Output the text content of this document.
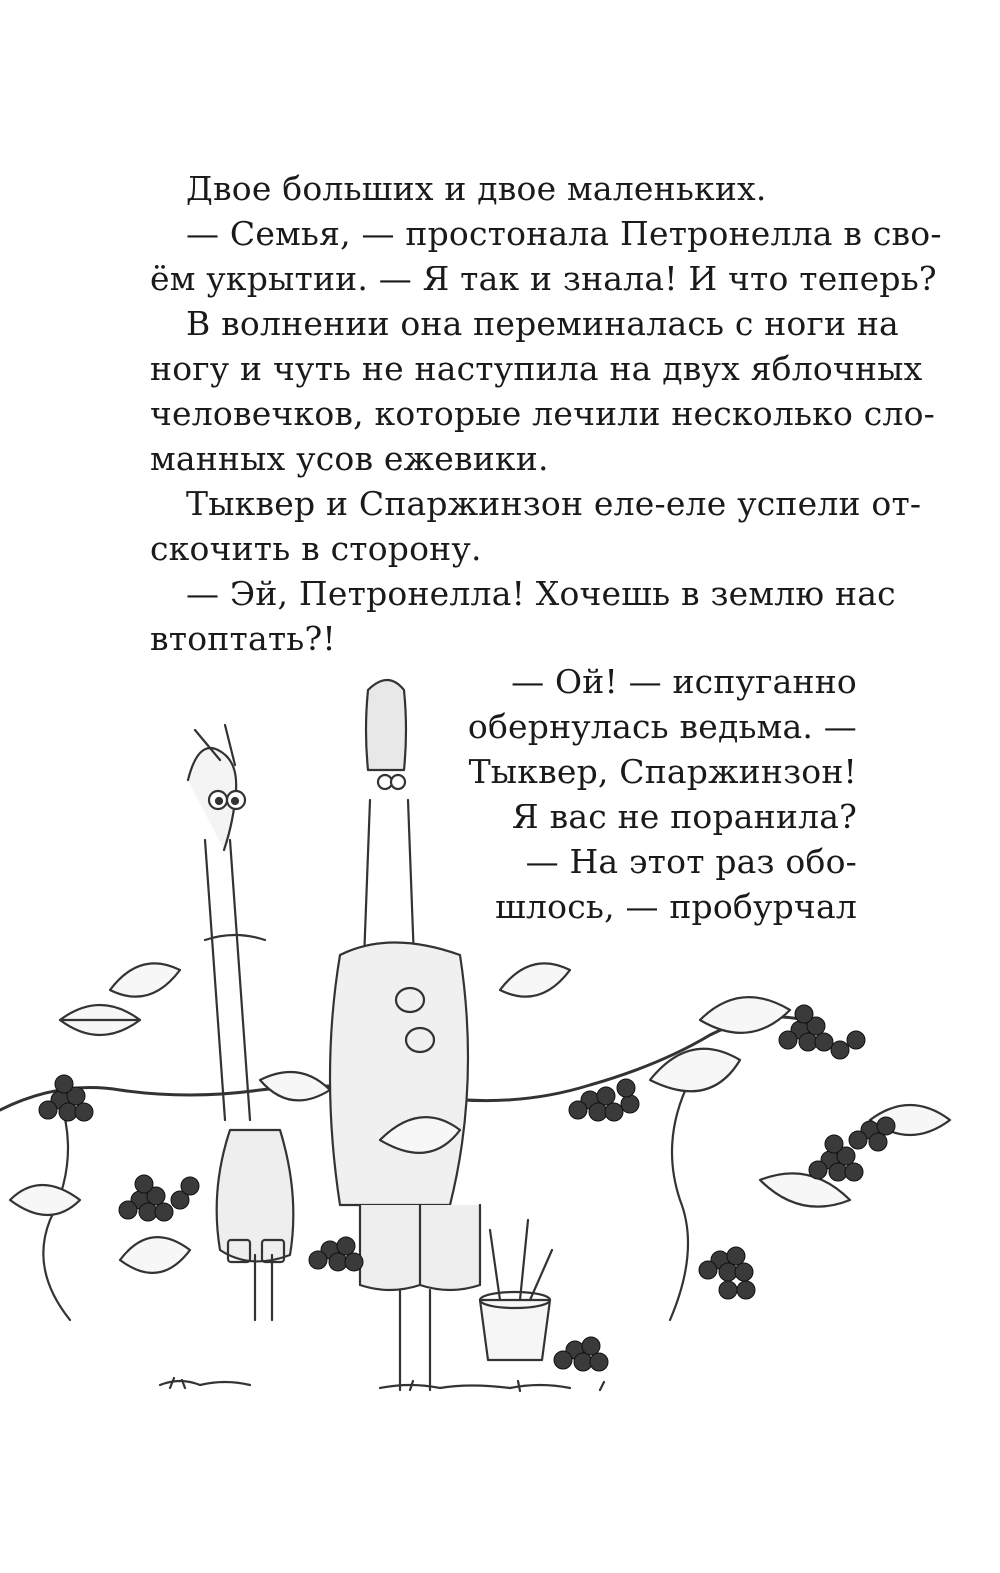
Двое больших и двое маленьких.
— Семья, — простонала Петронелла в сво-
ём укрытии. — Я так и знала! И что теперь?
В волнении она переминалась с ноги на
ногу и чуть не наступила на двух яблочных
человечков, которые лечили несколько сло-
манных усов ежевики.
Тыквер и Спаржинзон еле-еле успели от-
скочить в сторону.
— Эй, Петронелла! Хочешь в землю нас
втоптать?!
— Ой! — испуганно
обернулась ведьма. —
Тыквер, Спаржинзон!
Я вас не поранила?
— На этот раз обо-
шлось, — пробурчал
